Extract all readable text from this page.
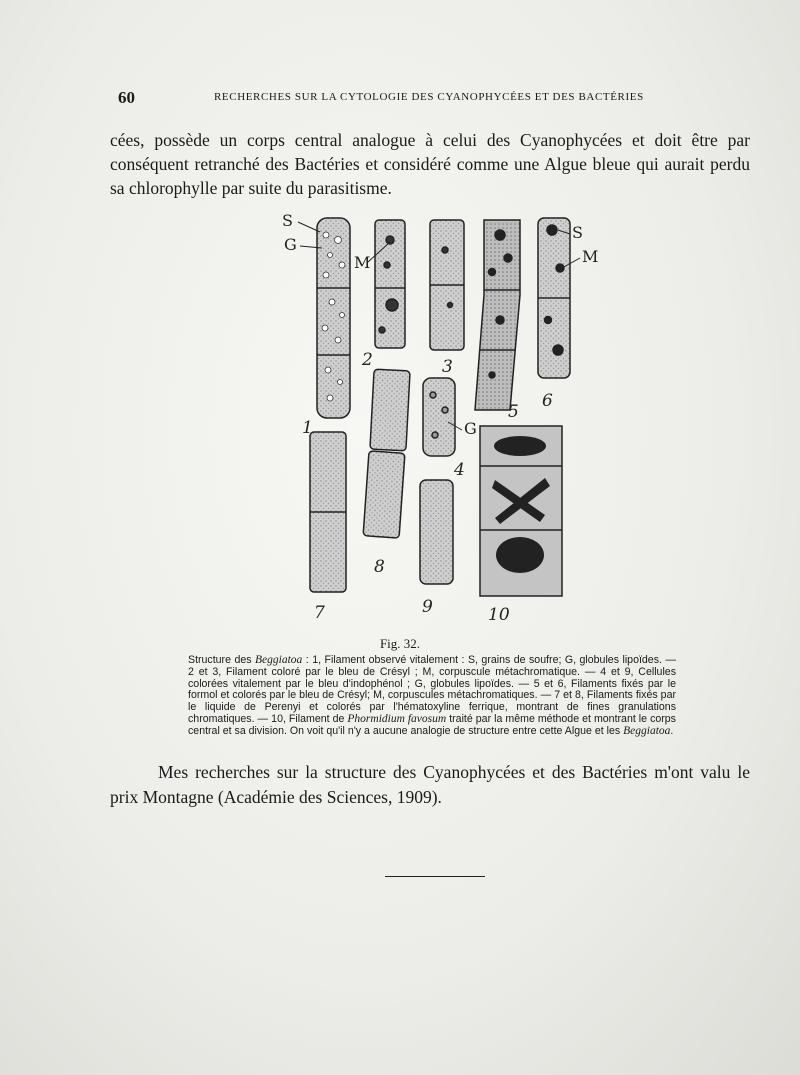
60	RECHERCHES SUR LA CYTOLOGIE DES CYANOPHYCÉES ET DES BACTÉRIES
cées, possède un corps central analogue à celui des Cyanophycées et doit être par conséquent retranché des Bactéries et considéré comme une Algue bleue qui aurait perdu sa chlorophylle par suite du parasitisme.
S
G
M
S
M
G
1
2	3
4
5
6
7
8
9	10
Fig. 32.
Structure des Beggiatoa : 1, Filament observé vitalement : S, grains de soufre; G, globules lipoïdes. — 2 et 3, Filament coloré par le bleu de Crésyl ; M, corpuscule métachromatique. — 4 et 9, Cellules colorées vitalement par le bleu d'indophénol ; G, globules lipoïdes. — 5 et 6, Filaments fixés par le formol et colorés par le bleu de Crésyl; M, corpuscules métachromatiques. — 7 et 8, Filaments fixés par le liquide de Perenyi et colorés par l'hématoxyline ferrique, montrant de fines granulations chromatiques. — 10, Filament de Phormidium favosum traité par la même méthode et montrant le corps central et sa division. On voit qu'il n'y a aucune analogie de structure entre cette Algue et les Beggiatoa.
Mes recherches sur la structure des Cyanophycées et des Bactéries m'ont valu le prix Montagne (Académie des Sciences, 1909).
